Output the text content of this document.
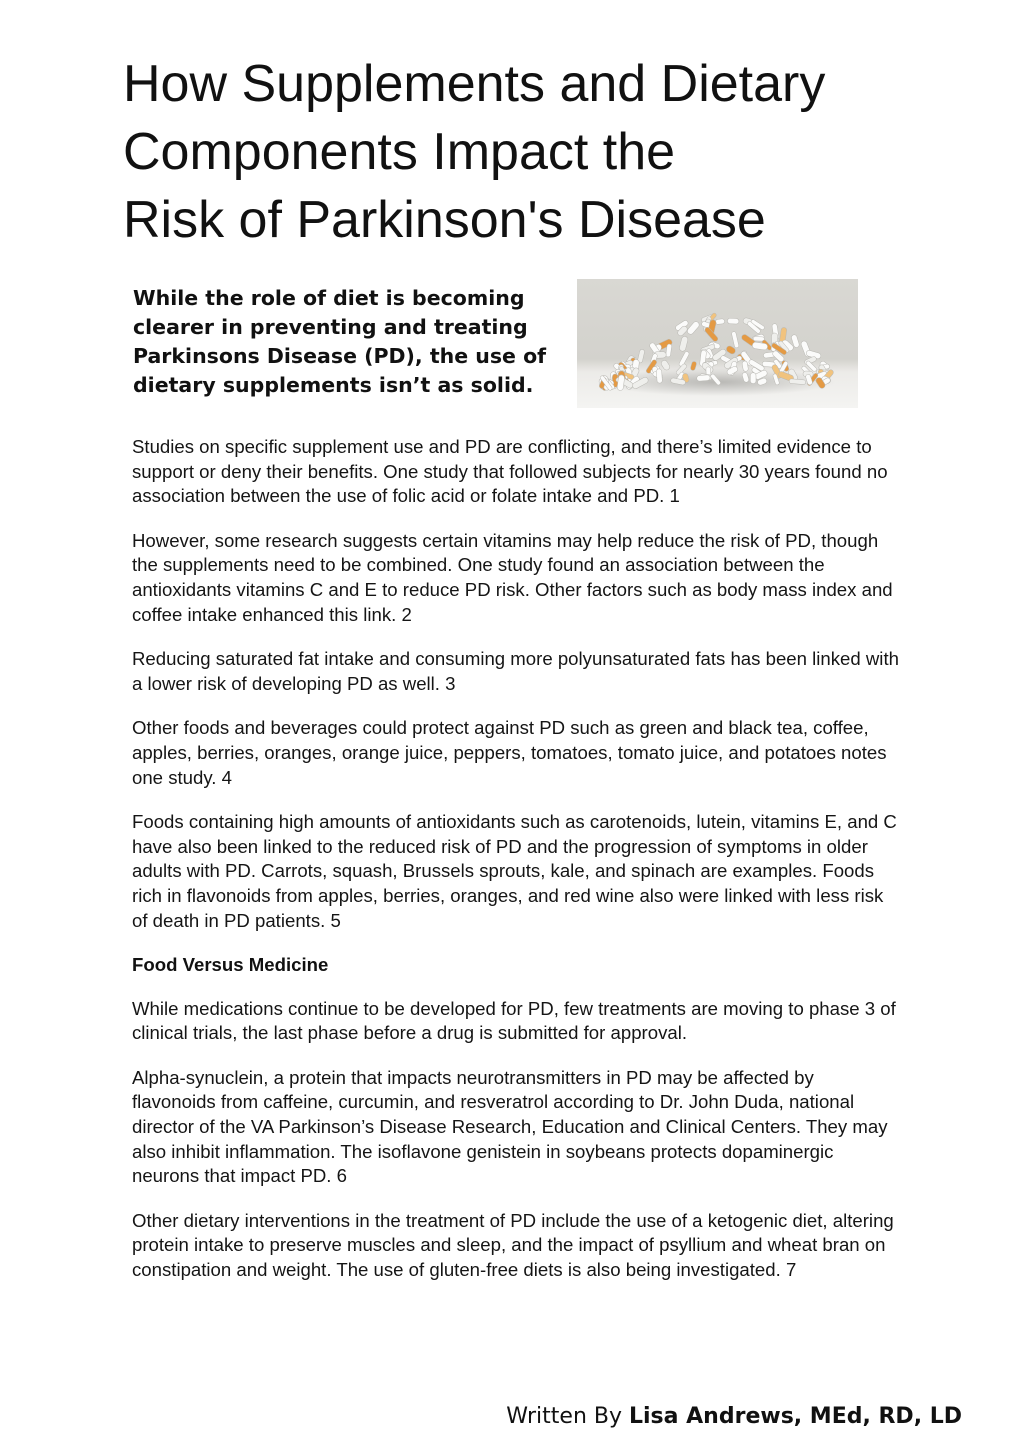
How Supplements and Dietary
Components Impact the
Risk of Parkinson's Disease

While the role of diet is becoming clearer in preventing and treating Parkinsons Disease (PD), the use of dietary supplements isn’t as solid.

Studies on specific supplement use and PD are conflicting, and there’s limited evidence to support or deny their benefits. One study that followed subjects for nearly 30 years found no association between the use of folic acid or folate intake and PD. 1

However, some research suggests certain vitamins may help reduce the risk of PD, though the supplements need to be combined. One study found an association between the antioxidants vitamins C and E to reduce PD risk. Other factors such as body mass index and coffee intake enhanced this link. 2

Reducing saturated fat intake and consuming more polyunsaturated fats has been linked with a lower risk of developing PD as well. 3

Other foods and beverages could protect against PD such as green and black tea, coffee, apples, berries, oranges, orange juice, peppers, tomatoes, tomato juice, and potatoes notes one study. 4

Foods containing high amounts of antioxidants such as carotenoids, lutein, vitamins E, and C have also been linked to the reduced risk of PD and the progression of symptoms in older adults with PD. Carrots, squash, Brussels sprouts, kale, and spinach are examples. Foods rich in flavonoids from apples, berries, oranges, and red wine also were linked with less risk of death in PD patients. 5

Food Versus Medicine

While medications continue to be developed for PD, few treatments are moving to phase 3 of clinical trials, the last phase before a drug is submitted for approval.

Alpha-synuclein, a protein that impacts neurotransmitters in PD may be affected by flavonoids from caffeine, curcumin, and resveratrol according to Dr. John Duda, national director of the VA Parkinson’s Disease Research, Education and Clinical Centers. They may also inhibit inflammation. The isoflavone genistein in soybeans protects dopaminergic neurons that impact PD. 6

Other dietary interventions in the treatment of PD include the use of a ketogenic diet, altering protein intake to preserve muscles and sleep, and the impact of psyllium and wheat bran on constipation and weight. The use of gluten-free diets is also being investigated. 7

Written By Lisa Andrews, MEd, RD, LD
